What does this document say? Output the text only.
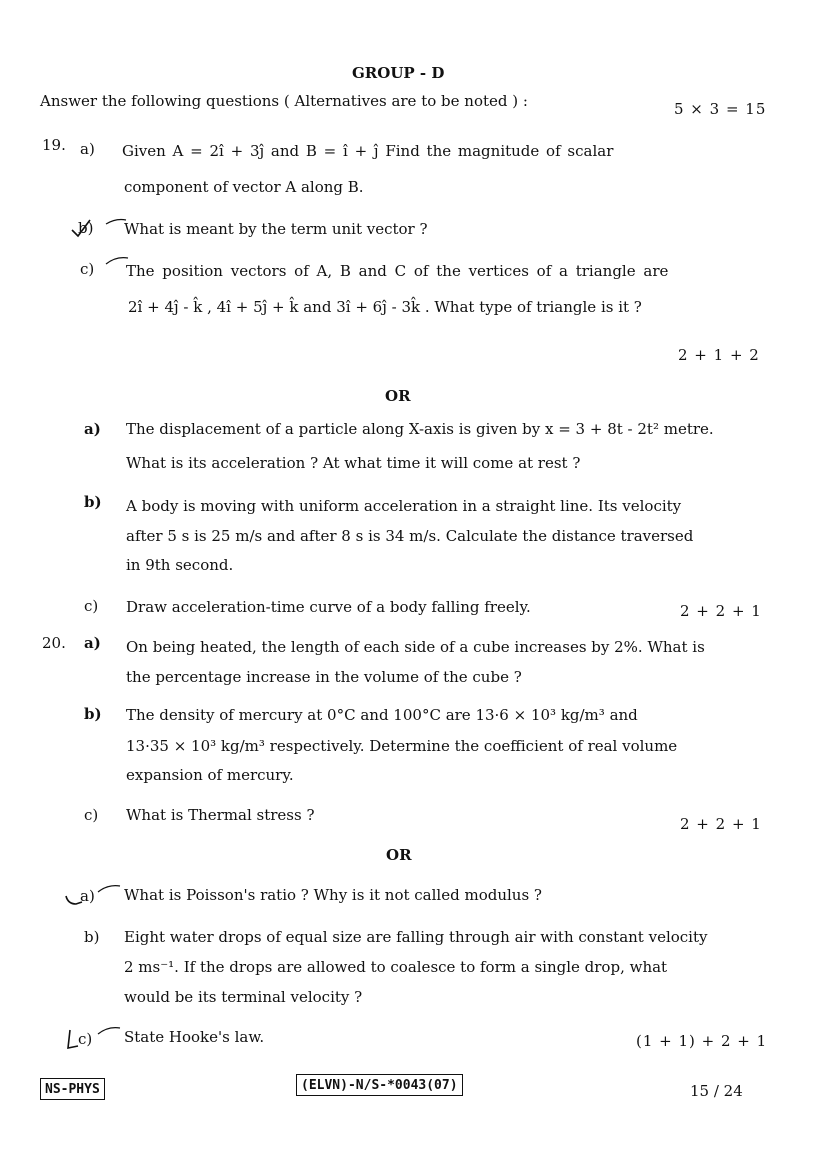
GROUP - D
Answer the following questions ( Alternatives are to be noted ) :	5 × 3 = 15
19. a) Given A = 2î + 3ĵ and B = î + ĵ Find the magnitude of scalar
component of vector A along B.
b) What is meant by the term unit vector ?
c) The position vectors of A, B and C of the vertices of a triangle are
2î + 4ĵ - k̂ , 4î + 5ĵ + k̂ and 3î + 6ĵ - 3k̂ . What type of triangle is it ?
2 + 1 + 2
OR
a) The displacement of a particle along X-axis is given by x = 3 + 8t - 2t² metre.
What is its acceleration ? At what time it will come at rest ?
b) A body is moving with uniform acceleration in a straight line. Its velocity
after 5 s is 25 m/s and after 8 s is 34 m/s. Calculate the distance traversed
in 9th second.
c) Draw acceleration-time curve of a body falling freely.	2 + 2 + 1
20. a) On being heated, the length of each side of a cube increases by 2%. What is
the percentage increase in the volume of the cube ?
b) The density of mercury at 0°C and 100°C are 13·6 × 10³ kg/m³ and
13·35 × 10³ kg/m³ respectively. Determine the coefficient of real volume
expansion of mercury.
c) What is Thermal stress ?	2 + 2 + 1
OR
a) What is Poisson's ratio ? Why is it not called modulus ?
b) Eight water drops of equal size are falling through air with constant velocity
2 ms⁻¹. If the drops are allowed to coalesce to form a single drop, what
would be its terminal velocity ?
c) State Hooke's law.	(1 + 1) + 2 + 1
NS-PHYS	(ELVN)-N/S-*0043(07)	15 / 24
